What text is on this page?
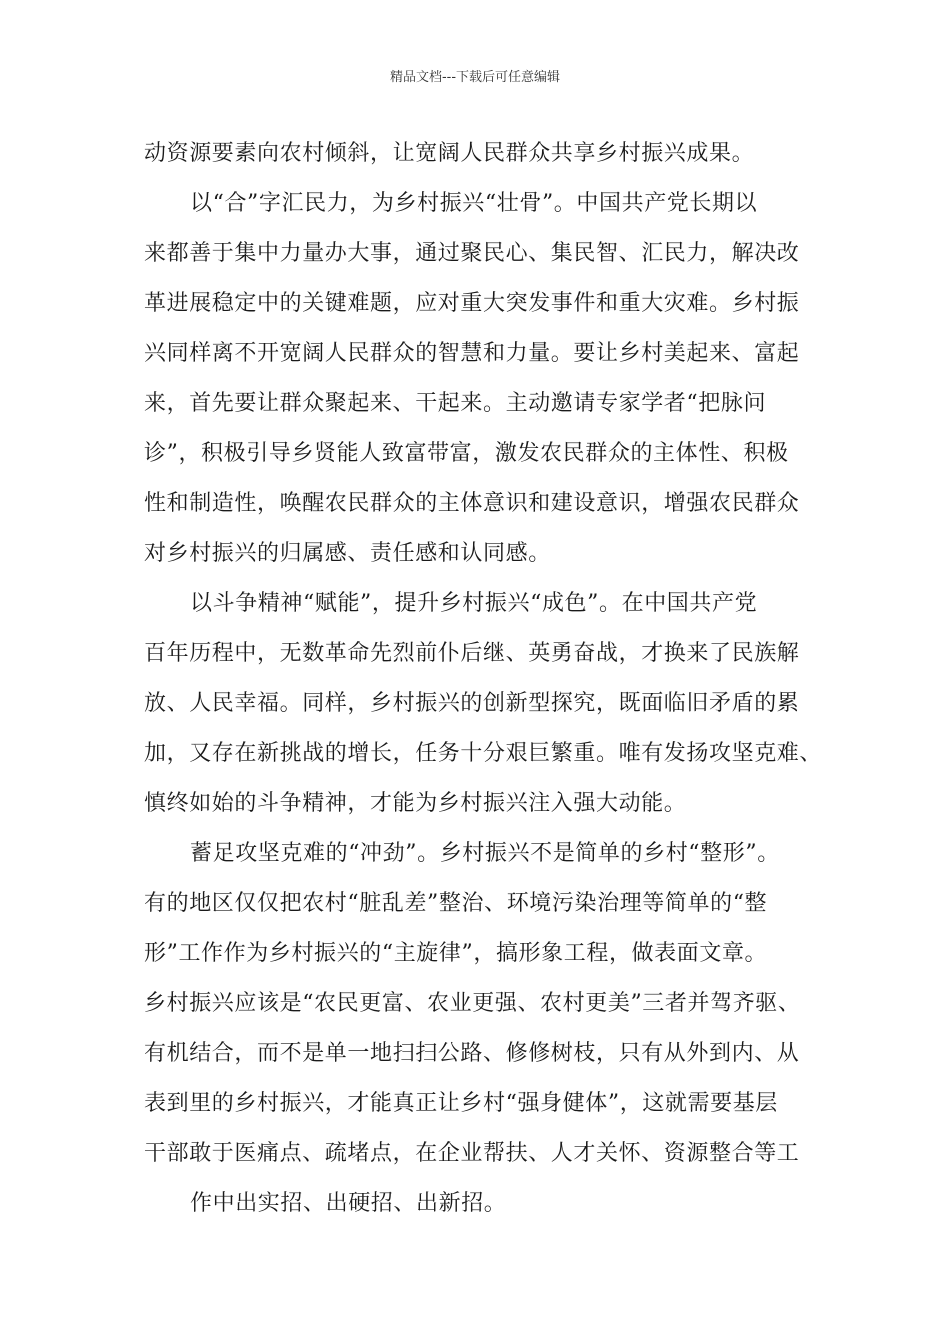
精品文档---下载后可任意编辑
动资源要素向农村倾斜，让宽阔人民群众共享乡村振兴成果。
以“合”字汇民力，为乡村振兴“壮骨”。中国共产党长期以
来都善于集中力量办大事，通过聚民心、集民智、汇民力，解决改
革进展稳定中的关键难题，应对重大突发事件和重大灾难。乡村振
兴同样离不开宽阔人民群众的智慧和力量。要让乡村美起来、富起
来，首先要让群众聚起来、干起来。主动邀请专家学者“把脉问
诊”，积极引导乡贤能人致富带富，激发农民群众的主体性、积极
性和制造性，唤醒农民群众的主体意识和建设意识，增强农民群众
对乡村振兴的归属感、责任感和认同感。
以斗争精神“赋能”，提升乡村振兴“成色”。在中国共产党
百年历程中，无数革命先烈前仆后继、英勇奋战，才换来了民族解
放、人民幸福。同样，乡村振兴的创新型探究，既面临旧矛盾的累
加，又存在新挑战的增长，任务十分艰巨繁重。唯有发扬攻坚克难、
慎终如始的斗争精神，才能为乡村振兴注入强大动能。
蓄足攻坚克难的“冲劲”。乡村振兴不是简单的乡村“整形”。
有的地区仅仅把农村“脏乱差”整治、环境污染治理等简单的“整
形”工作作为乡村振兴的“主旋律”，搞形象工程，做表面文章。
乡村振兴应该是“农民更富、农业更强、农村更美”三者并驾齐驱、
有机结合，而不是单一地扫扫公路、修修树枝，只有从外到内、从
表到里的乡村振兴，才能真正让乡村“强身健体”，这就需要基层
干部敢于医痛点、疏堵点，在企业帮扶、人才关怀、资源整合等工
作中出实招、出硬招、出新招。
